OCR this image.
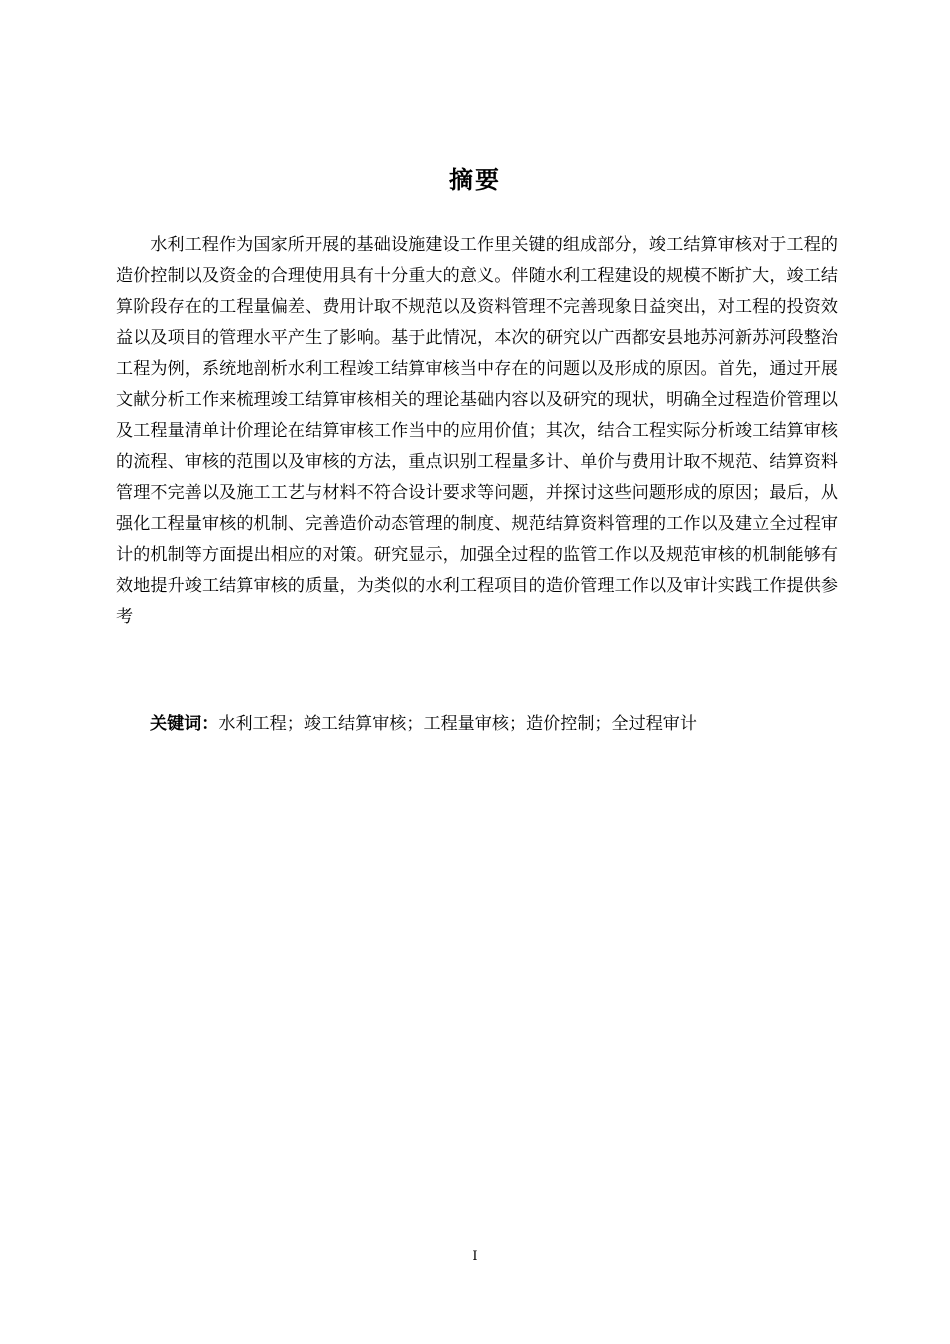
摘要

水利工程作为国家所开展的基础设施建设工作里关键的组成部分，竣工结算审核对于工程的造价控制以及资金的合理使用具有十分重大的意义。伴随水利工程建设的规模不断扩大，竣工结算阶段存在的工程量偏差、费用计取不规范以及资料管理不完善现象日益突出，对工程的投资效益以及项目的管理水平产生了影响。基于此情况，本次的研究以广西都安县地苏河新苏河段整治工程为例，系统地剖析水利工程竣工结算审核当中存在的问题以及形成的原因。首先，通过开展文献分析工作来梳理竣工结算审核相关的理论基础内容以及研究的现状，明确全过程造价管理以及工程量清单计价理论在结算审核工作当中的应用价值；其次，结合工程实际分析竣工结算审核的流程、审核的范围以及审核的方法，重点识别工程量多计、单价与费用计取不规范、结算资料管理不完善以及施工工艺与材料不符合设计要求等问题，并探讨这些问题形成的原因；最后，从强化工程量审核的机制、完善造价动态管理的制度、规范结算资料管理的工作以及建立全过程审计的机制等方面提出相应的对策。研究显示，加强全过程的监管工作以及规范审核的机制能够有效地提升竣工结算审核的质量，为类似的水利工程项目的造价管理工作以及审计实践工作提供参考

关键词：水利工程；竣工结算审核；工程量审核；造价控制；全过程审计
I
